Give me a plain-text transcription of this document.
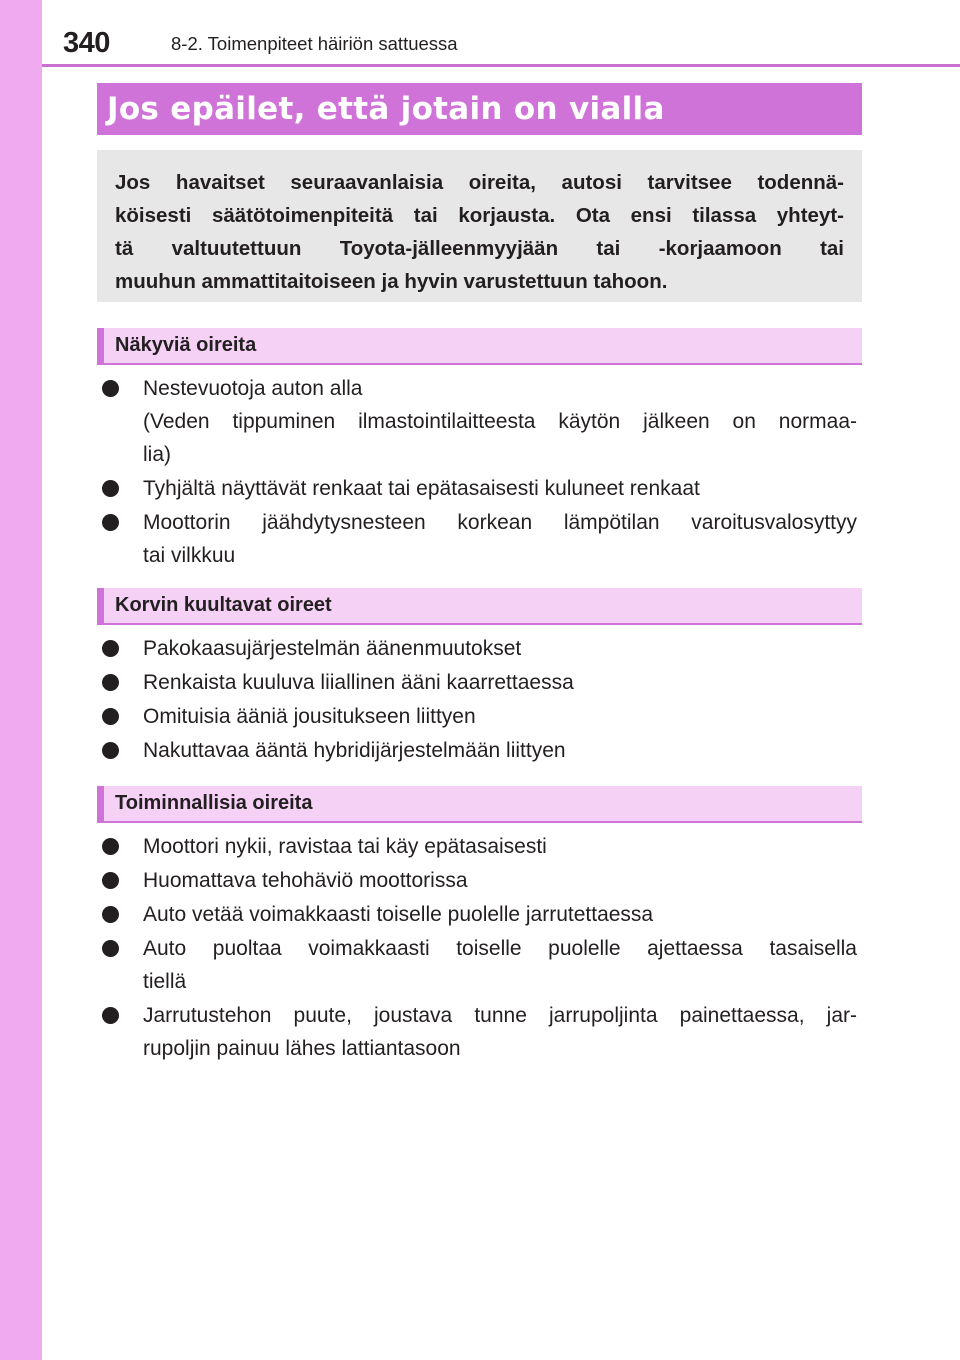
340	8-2. Toimenpiteet häiriön sattuessa
Jos epäilet, että jotain on vialla

Jos havaitset seuraavanlaisia oireita, autosi tarvitsee todennä-
köisesti säätötoimenpiteitä tai korjausta. Ota ensi tilassa yhteyt-
tä valtuutettuun Toyota-jälleenmyyjään tai -korjaamoon tai
muuhun ammattitaitoiseen ja hyvin varustettuun tahoon.

Näkyviä oireita
Nestevuotoja auton alla
(Veden tippuminen ilmastointilaitteesta käytön jälkeen on normaa-
lia)
Tyhjältä näyttävät renkaat tai epätasaisesti kuluneet renkaat
Moottorin jäähdytysnesteen korkean lämpötilan varoitusvalosyttyy
tai vilkkuu
Korvin kuultavat oireet
Pakokaasujärjestelmän äänenmuutokset
Renkaista kuuluva liiallinen ääni kaarrettaessa
Omituisia ääniä jousitukseen liittyen
Nakuttavaa ääntä hybridijärjestelmään liittyen
Toiminnallisia oireita
Moottori nykii, ravistaa tai käy epätasaisesti
Huomattava tehohäviö moottorissa
Auto vetää voimakkaasti toiselle puolelle jarrutettaessa
Auto puoltaa voimakkaasti toiselle puolelle ajettaessa tasaisella
tiellä
Jarrutustehon puute, joustava tunne jarrupoljinta painettaessa, jar-
rupoljin painuu lähes lattiantasoon
